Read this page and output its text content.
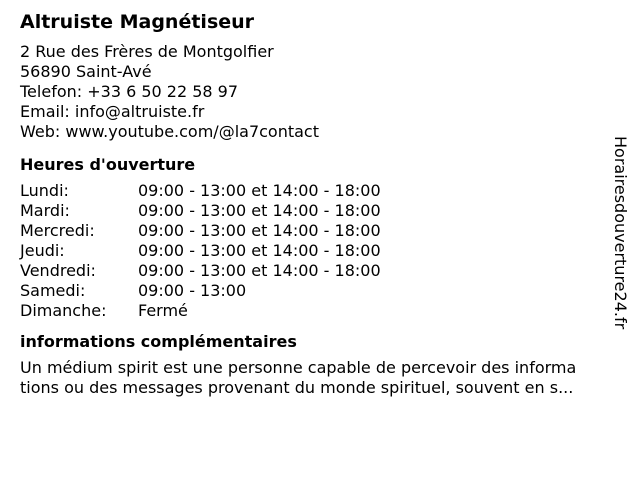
Altruiste Magnétiseur
2 Rue des Frères de Montgolfier
56890 Saint-Avé
Telefon: +33 6 50 22 58 97
Email: info@altruiste.fr
Web: www.youtube.com/@la7contact
Heures d'ouverture
Lundi:	09:00 - 13:00 et 14:00 - 18:00
Mardi:	09:00 - 13:00 et 14:00 - 18:00
Mercredi:	09:00 - 13:00 et 14:00 - 18:00
Jeudi:	09:00 - 13:00 et 14:00 - 18:00
Vendredi:	09:00 - 13:00 et 14:00 - 18:00
Samedi:	09:00 - 13:00
Dimanche:	Fermé
informations complémentaires
Un médium spirit est une personne capable de percevoir des informa
tions ou des messages provenant du monde spirituel, souvent en s...
Horairesdouverture24.fr
